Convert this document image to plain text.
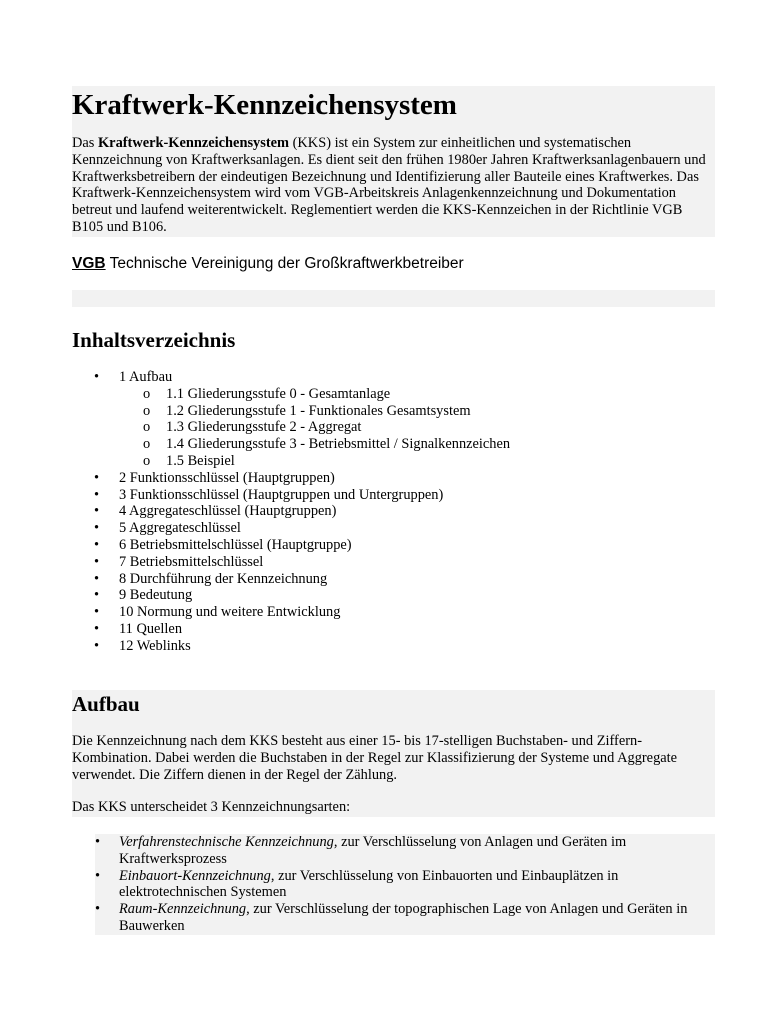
Kraftwerk-Kennzeichensystem

Das Kraftwerk-Kennzeichensystem (KKS) ist ein System zur einheitlichen und systematischen Kennzeichnung von Kraftwerksanlagen. Es dient seit den frühen 1980er Jahren Kraftwerksanlagenbauern und Kraftwerksbetreibern der eindeutigen Bezeichnung und Identifizierung aller Bauteile eines Kraftwerkes. Das Kraftwerk-Kennzeichensystem wird vom VGB-Arbeitskreis Anlagenkennzeichnung und Dokumentation betreut und laufend weiterentwickelt. Reglementiert werden die KKS-Kennzeichen in der Richtlinie VGB B105 und B106.

VGB Technische Vereinigung der Großkraftwerkbetreiber
Inhaltsverzeichnis
• 1 Aufbau
o 1.1 Gliederungsstufe 0 - Gesamtanlage
o 1.2 Gliederungsstufe 1 - Funktionales Gesamtsystem
o 1.3 Gliederungsstufe 2 - Aggregat
o 1.4 Gliederungsstufe 3 - Betriebsmittel / Signalkennzeichen
o 1.5 Beispiel
• 2 Funktionsschlüssel (Hauptgruppen)
• 3 Funktionsschlüssel (Hauptgruppen und Untergruppen)
• 4 Aggregateschlüssel (Hauptgruppen)
• 5 Aggregateschlüssel
• 6 Betriebsmittelschlüssel (Hauptgruppe)
• 7 Betriebsmittelschlüssel
• 8 Durchführung der Kennzeichnung
• 9 Bedeutung
• 10 Normung und weitere Entwicklung
• 11 Quellen
• 12 Weblinks
Aufbau

Die Kennzeichnung nach dem KKS besteht aus einer 15- bis 17-stelligen Buchstaben- und Ziffern-Kombination. Dabei werden die Buchstaben in der Regel zur Klassifizierung der Systeme und Aggregate verwendet. Die Ziffern dienen in der Regel der Zählung.

Das KKS unterscheidet 3 Kennzeichnungsarten:

• Verfahrenstechnische Kennzeichnung, zur Verschlüsselung von Anlagen und Geräten im Kraftwerksprozess
• Einbauort-Kennzeichnung, zur Verschlüsselung von Einbauorten und Einbauplätzen in elektrotechnischen Systemen
• Raum-Kennzeichnung, zur Verschlüsselung der topographischen Lage von Anlagen und Geräten in Bauwerken
